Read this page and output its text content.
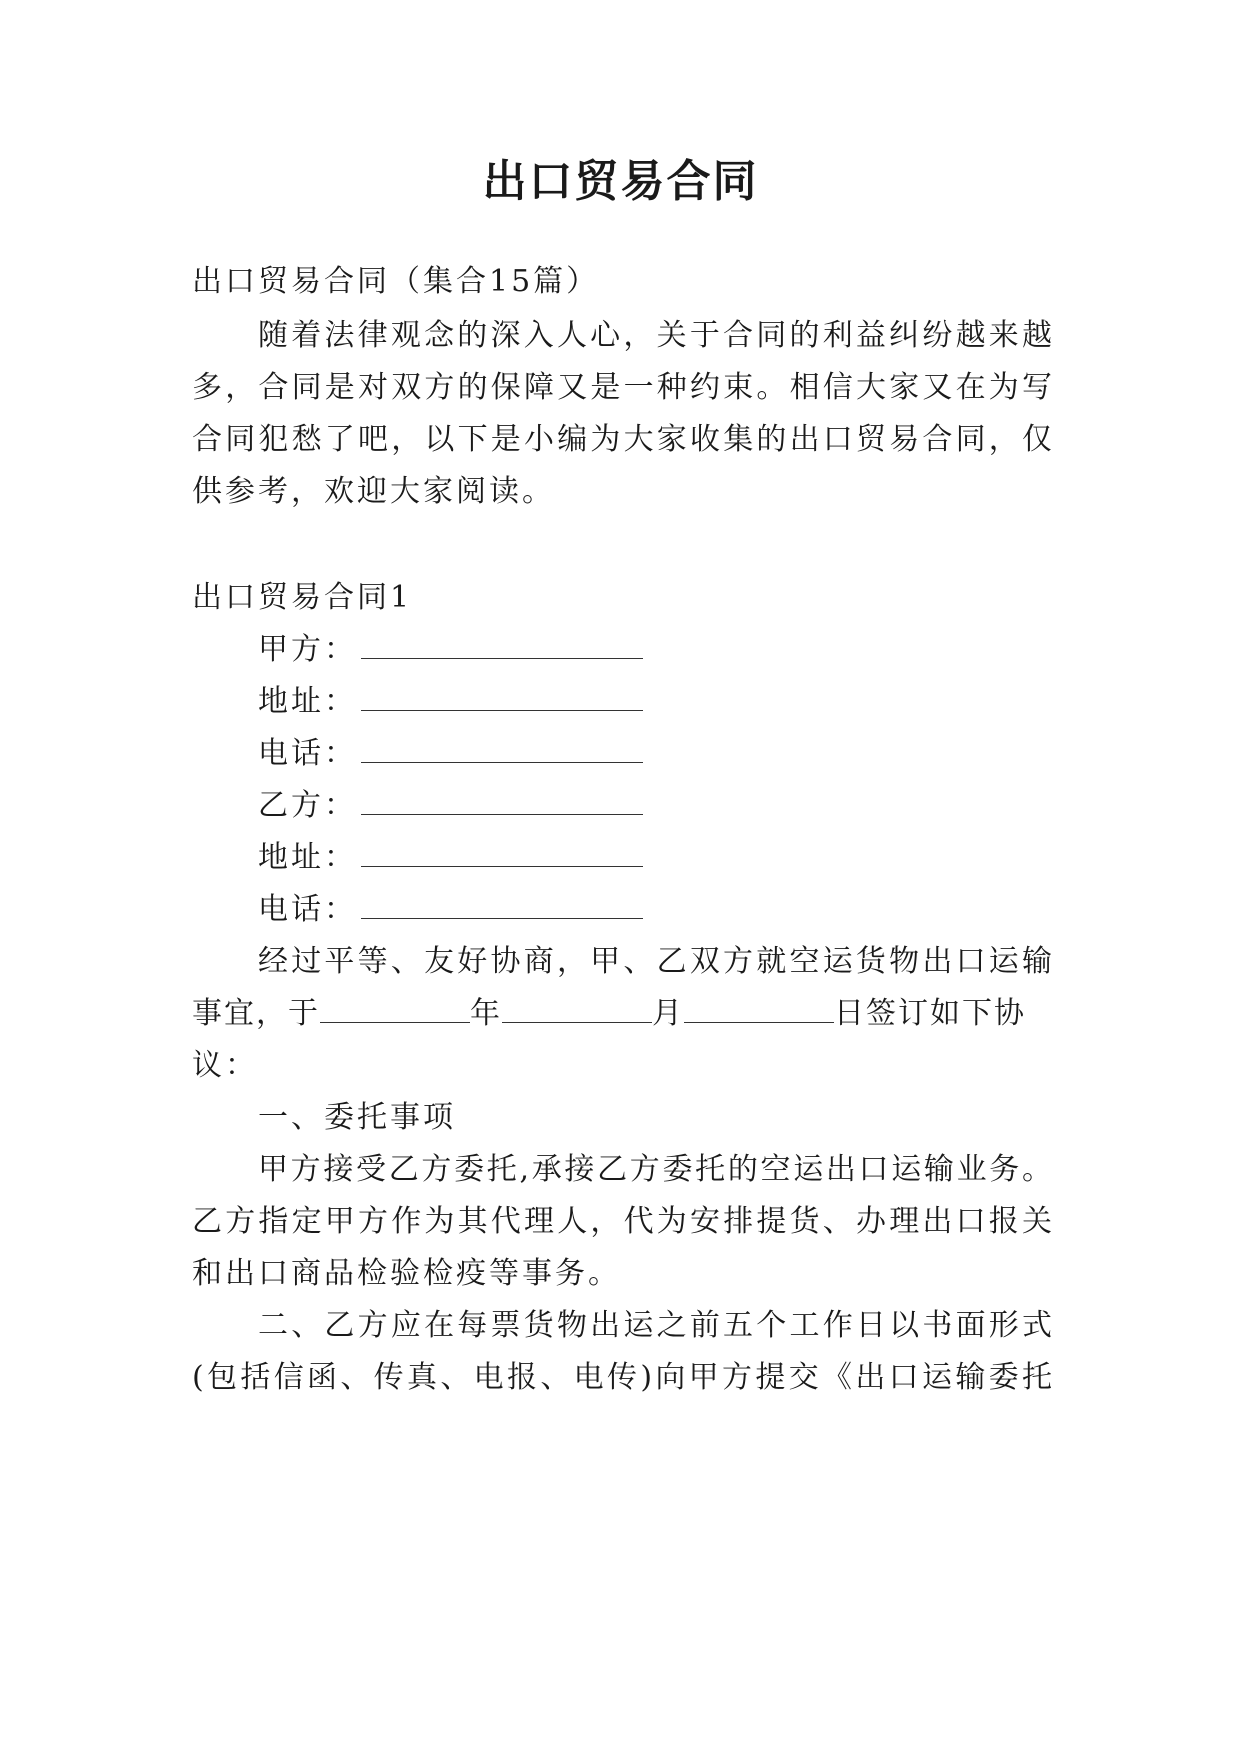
出口贸易合同
出口贸易合同（集合15篇）
随着法律观念的深入人心，关于合同的利益纠纷越来越
多，合同是对双方的保障又是一种约束。相信大家又在为写
合同犯愁了吧，以下是小编为大家收集的出口贸易合同，仅
供参考，欢迎大家阅读。
出口贸易合同1
甲方：
地址：
电话：
乙方：
地址：
电话：
经过平等、友好协商，甲、乙双方就空运货物出口运输
事宜，于	年	月	日签订如下协
议：
一、委托事项
甲方接受乙方委托,承接乙方委托的空运出口运输业务。
乙方指定甲方作为其代理人，代为安排提货、办理出口报关
和出口商品检验检疫等事务。
二、乙方应在每票货物出运之前五个工作日以书面形式
(包括信函、传真、电报、电传)向甲方提交《出口运输委托
